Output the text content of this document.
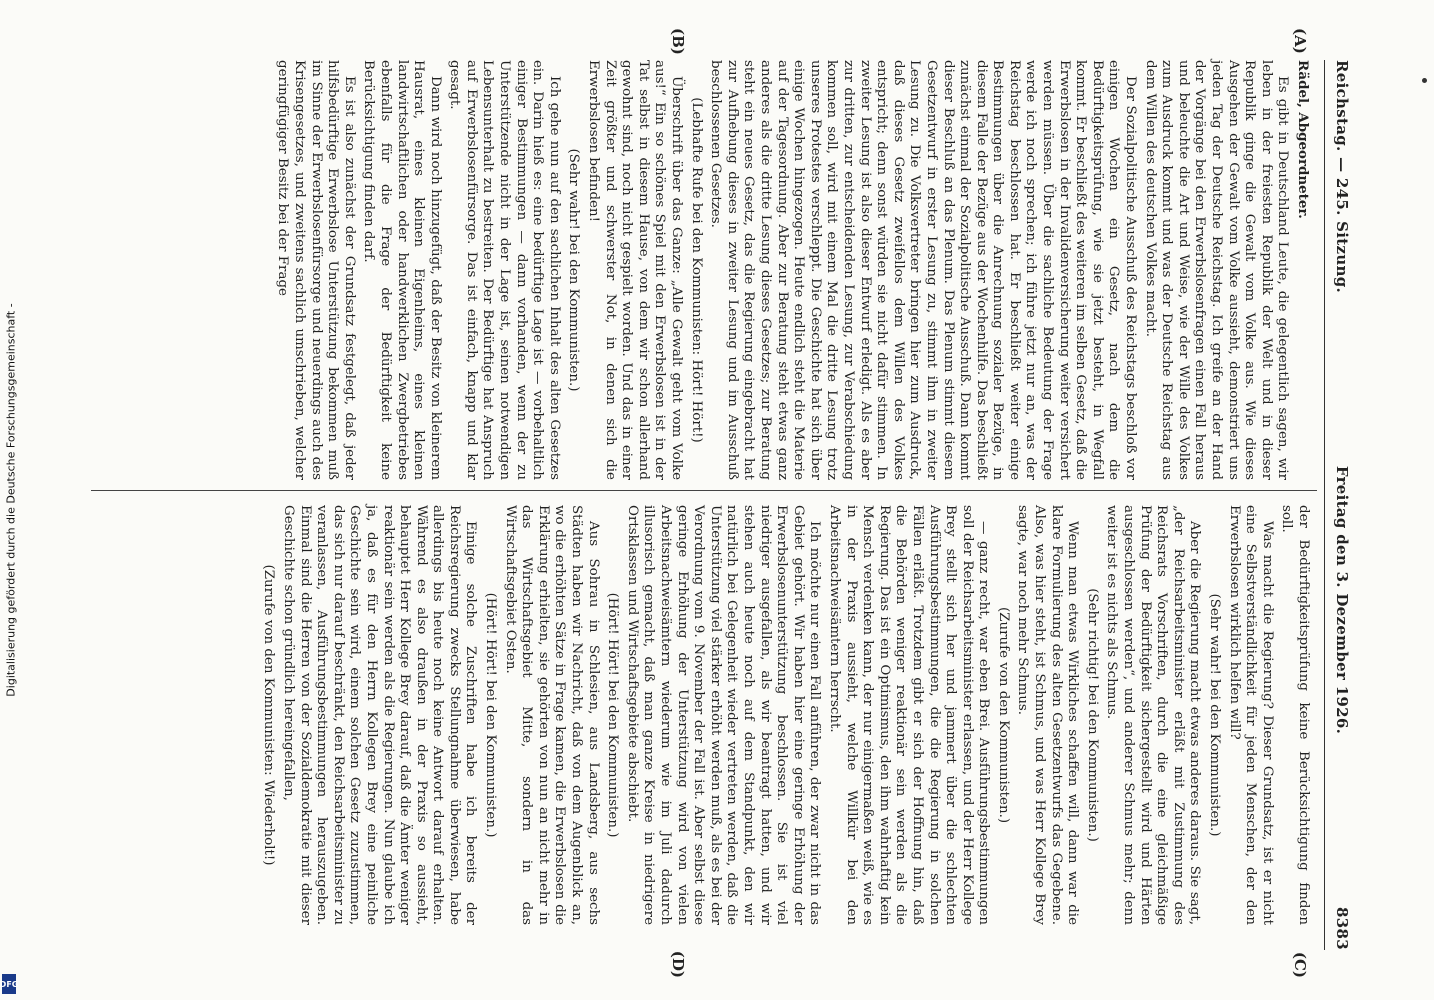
Reichstag. — 245. Sitzung.
Freitag den 3. Dezember 1926.
8383
(A)
(B)
(C)
(D)

Rädel, Abgeordneter.

Es gibt in Deutschland Leute, die gelegentlich sagen, wir leben in der freiesten Republik der Welt und in dieser Republik ginge die Gewalt vom Volke aus. Wie dieses Ausgehen der Gewalt vom Volke aussieht, demonstriert uns jeden Tag der Deutsche Reichstag. Ich greife an der Hand der Vorgänge bei den Erwerbslosenfragen einen Fall heraus und beleuchte die Art und Weise, wie der Wille des Volkes zum Ausdruck kommt und was der Deutsche Reichstag aus dem Willen des deutschen Volkes macht.

Der Sozialpolitische Ausschuß des Reichstags beschloß vor einigen Wochen ein Gesetz, nach dem die Bedürftigkeitsprüfung, wie sie jetzt besteht, in Wegfall kommt. Er beschließt des weiteren im selben Gesetz, daß die Erwerbslosen in der Invalidenversicherung weiter versichert werden müssen. Über die sachliche Bedeutung der Frage werde ich noch sprechen; ich führe jetzt nur an, was der Reichstag beschlossen hat. Er beschließt weiter einige Bestimmungen über die Anrechnung sozialer Bezüge, in diesem Falle der Bezüge aus der Wochenhilfe. Das beschließt zunächst einmal der Sozialpolitische Ausschuß. Dann kommt dieser Beschluß an das Plenum. Das Plenum stimmt diesem Gesetzentwurf in erster Lesung zu, stimmt ihm in zweiter Lesung zu. Die Volksvertreter bringen hier zum Ausdruck, daß dieses Gesetz zweifellos dem Willen des Volkes entspricht; denn sonst würden sie nicht dafür stimmen. In zweiter Lesung ist also dieser Entwurf erledigt. Als es aber zur dritten, zur entscheidenden Lesung, zur Verabschiedung kommen soll, wird mit einem Mal die dritte Lesung trotz unseres Protestes verschleppt. Die Geschichte hat sich über einige Wochen hingezogen. Heute endlich steht die Materie auf der Tagesordnung. Aber zur Beratung steht etwas ganz anderes als die dritte Lesung dieses Gesetzes; zur Beratung steht ein neues Gesetz, das die Regierung eingebracht hat zur Aufhebung dieses in zweiter Lesung und im Ausschuß beschlossenen Gesetzes.

(Lebhafte Rufe bei den Kommunisten: Hört! Hört!)

Überschrift über das Ganze: „Alle Gewalt geht vom Volke aus!“ Ein so schönes Spiel mit den Erwerbslosen ist in der Tat selbst in diesem Hause, von dem wir schon allerhand gewohnt sind, noch nicht gespielt worden. Und das in einer Zeit größter und schwerster Not, in denen sich die Erwerbslosen befinden!

(Sehr wahr! bei den Kommunisten.)

Ich gehe nun auf den sachlichen Inhalt des alten Gesetzes ein. Darin hieß es: eine bedürftige Lage ist — vorbehaltlich einiger Bestimmungen — dann vorhanden, wenn der zu Unterstützende nicht in der Lage ist, seinen notwendigen Lebensunterhalt zu bestreiten. Der Bedürftige hat Anspruch auf Erwerbslosenfürsorge. Das ist einfach, knapp und klar gesagt.

Dann wird noch hinzugefügt, daß der Besitz von kleinerem Hausrat, eines kleinen Eigenheims, eines kleinen landwirtschaftlichen oder handwerklichen Zwergbetriebes ebenfalls für die Frage der Bedürftigkeit keine Berücksichtigung finden darf.

Es ist also zunächst der Grundsatz festgelegt, daß jeder hilfsbedürftige Erwerbslose Unterstützung bekommen muß im Sinne der Erwerbslosenfürsorge und neuerdings auch des Krisengesetzes, und zweitens sachlich umschrieben, welcher geringfügiger Besitz bei der Frage

der Bedürftigkeitsprüfung keine Berücksichtigung finden soll.

Was macht die Regierung? Dieser Grundsatz, ist er nicht eine Selbstverständlichkeit für jeden Menschen, der den Erwerbslosen wirklich helfen will?

(Sehr wahr! bei den Kommunisten.)

Aber die Regierung macht etwas anderes daraus. Sie sagt, „der Reichsarbeitsminister erläßt mit Zustimmung des Reichsrats Vorschriften, durch die eine gleichmäßige Prüfung der Bedürftigkeit sichergestellt wird und Härten ausgeschlossen werden“, und anderer Schmus mehr; denn weiter ist es nichts als Schmus.

(Sehr richtig! bei den Kommunisten.)

Wenn man etwas Wirkliches schaffen will, dann war die klare Formulierung des alten Gesetzentwurfs das Gegebene. Also, was hier steht, ist Schmus, und was Herr Kollege Brey sagte, war noch mehr Schmus.

(Zurufe von den Kommunisten.)

— ganz recht, war eben Brei. Ausführungsbestimmungen soll der Reichsarbeitsminister erlassen, und der Herr Kollege Brey stellt sich her und jammert über die schlechten Ausführungsbestimmungen, die die Regierung in solchen Fällen erläßt. Trotzdem gibt er sich der Hoffnung hin, daß die Behörden weniger reaktionär sein werden als die Regierung. Das ist ein Optimismus, den ihm wahrhaftig kein Mensch verdenken kann, der nur einigermaßen weiß, wie es in der Praxis aussieht, welche Willkür bei den Arbeitsnachweisämtern herrscht.

Ich möchte nur einen Fall anführen, der zwar nicht in das Gebiet gehört. Wir haben hier eine geringe Erhöhung der Erwerbslosenunterstützung beschlossen. Sie ist viel niedriger ausgefallen, als wir beantragt hatten, und wir stehen auch heute noch auf dem Standpunkt, den wir natürlich bei Gelegenheit wieder vertreten werden, daß die Unterstützung viel stärker erhöht werden muß, als es bei der Verordnung vom 9. November der Fall ist. Aber selbst diese geringe Erhöhung der Unterstützung wird von vielen Arbeitsnachweisämtern wiederum wie im Juli dadurch illusorisch gemacht, daß man ganze Kreise in niedrigere Ortsklassen und Wirtschaftsgebiete abschiebt.

(Hört! Hört! bei den Kommunisten.)

Aus Sohrau in Schlesien, aus Landsberg, aus sechs Städten haben wir Nachricht, daß von dem Augenblick an, wo die erhöhten Sätze in Frage kamen, die Erwerbslosen die Erklärung erhielten, sie gehörten von nun an nicht mehr in das Wirtschaftsgebiet Mitte, sondern in das Wirtschaftsgebiet Osten.

(Hört! Hört! bei den Kommunisten.)

Einige solche Zuschriften habe ich bereits der Reichsregierung zwecks Stellungnahme überwiesen, habe allerdings bis heute noch keine Antwort darauf erhalten. Während es also draußen in der Praxis so aussieht, behauptet Herr Kollege Brey darauf, daß die Ämter weniger reaktionär sein werden als die Regierungen. Nun glaube ich ja, daß es für den Herrn Kollegen Brey eine peinliche Geschichte sein wird, einem solchen Gesetz zuzustimmen, das sich nur darauf beschränkt, den Reichsarbeitsminister zu veranlassen, Ausführungsbestimmungen herauszugeben. Einmal sind die Herren von der Sozialdemokratie mit dieser Geschichte schon gründlich hereingefallen,

(Zurufe von den Kommunisten: Wiederholt!)

Digitalisierung gefördert durch die Deutsche Forschungsgemeinschaft -
DFG
